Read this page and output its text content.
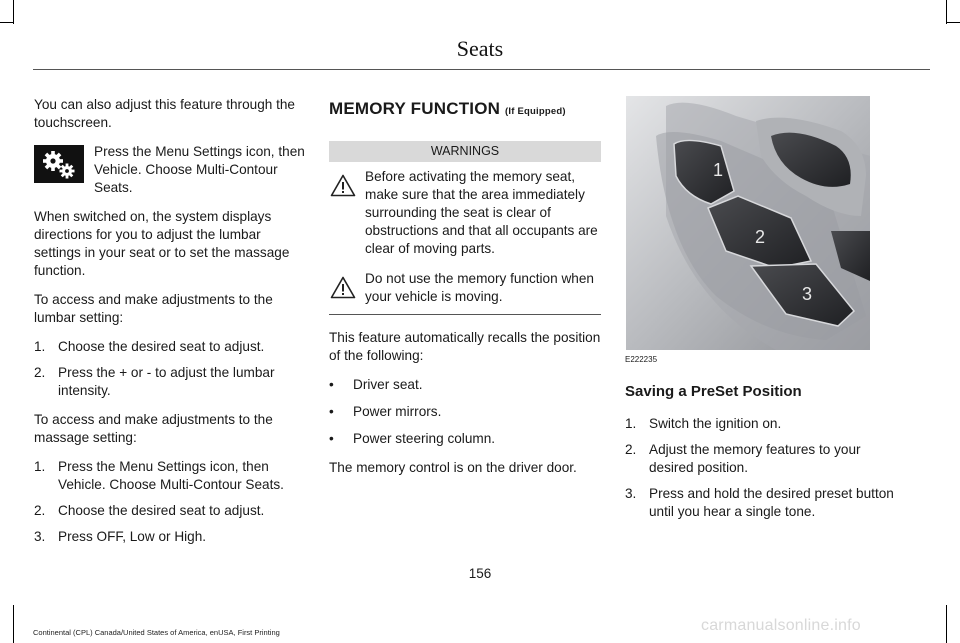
Seats

You can also adjust this feature through the touchscreen.

Press the Menu Settings icon, then Vehicle. Choose Multi-Contour Seats.

When switched on, the system displays directions for you to adjust the lumbar settings in your seat or to set the massage function.

To access and make adjustments to the lumbar setting:

1. Choose the desired seat to adjust.
2. Press the + or - to adjust the lumbar intensity.

To access and make adjustments to the massage setting:

1. Press the Menu Settings icon, then Vehicle. Choose Multi-Contour Seats.
2. Choose the desired seat to adjust.
3. Press OFF, Low or High.
MEMORY FUNCTION (If Equipped)
WARNINGS
Before activating the memory seat, make sure that the area immediately surrounding the seat is clear of obstructions and that all occupants are clear of moving parts.
Do not use the memory function when your vehicle is moving.

This feature automatically recalls the position of the following:

• Driver seat.
• Power mirrors.
• Power steering column.

The memory control is on the driver door.

1
2
3
E222235
Saving a PreSet Position
1. Switch the ignition on.
2. Adjust the memory features to your desired position.
3. Press and hold the desired preset button until you hear a single tone.
156
Continental (CPL) Canada/United States of America, enUSA, First Printing	carmanualsonline.info
